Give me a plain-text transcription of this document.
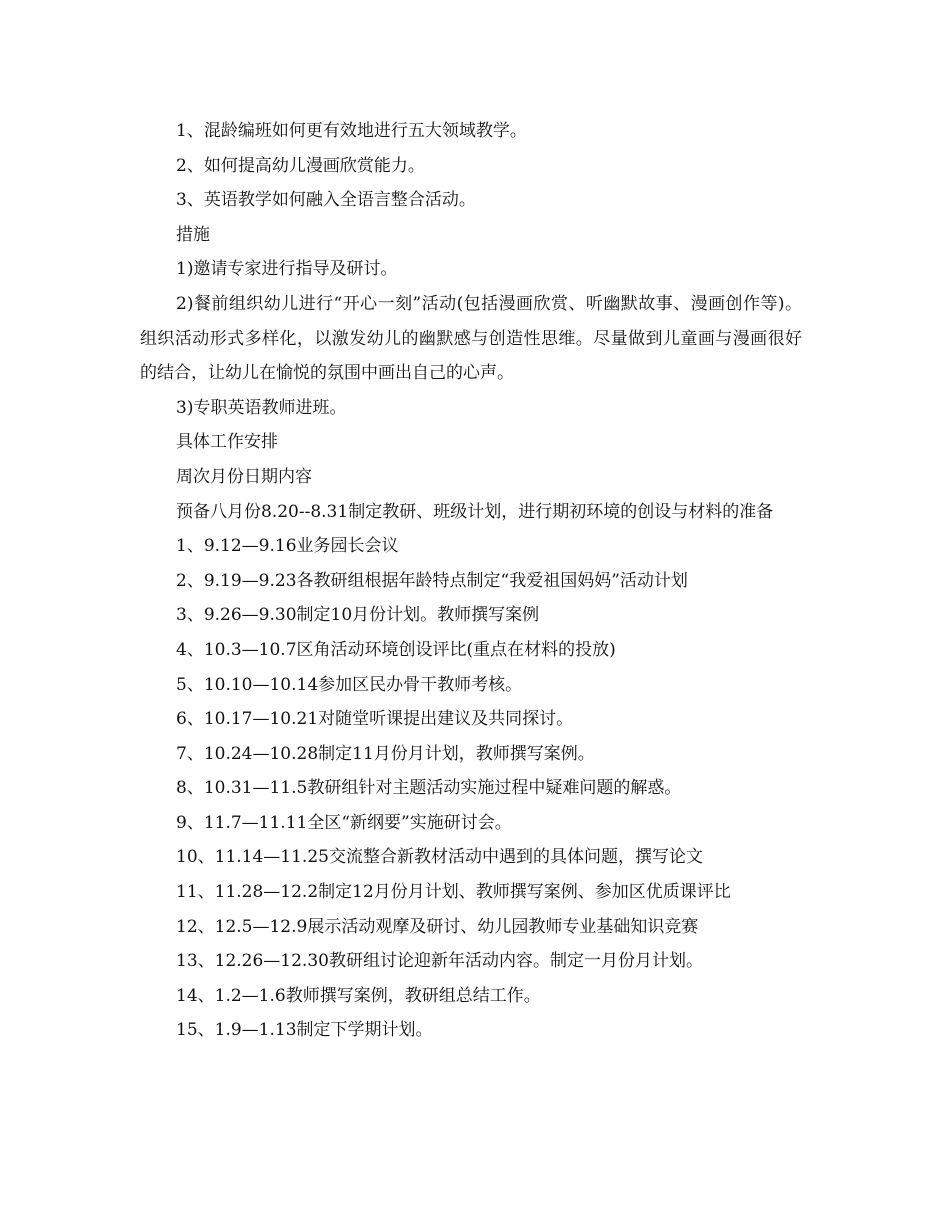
1、混龄编班如何更有效地进行五大领域教学。

2、如何提高幼儿漫画欣赏能力。

3、英语教学如何融入全语言整合活动。

措施

1)邀请专家进行指导及研讨。

2)餐前组织幼儿进行“开心一刻”活动(包括漫画欣赏、听幽默故事、漫画创作等)。组织活动形式多样化，以激发幼儿的幽默感与创造性思维。尽量做到儿童画与漫画很好的结合，让幼儿在愉悦的氛围中画出自己的心声。

3)专职英语教师进班。

具体工作安排

周次月份日期内容

预备八月份8.20--8.31制定教研、班级计划，进行期初环境的创设与材料的准备

1、9.12—9.16业务园长会议

2、9.19—9.23各教研组根据年龄特点制定“我爱祖国妈妈”活动计划

3、9.26—9.30制定10月份计划。教师撰写案例

4、10.3—10.7区角活动环境创设评比(重点在材料的投放)

5、10.10—10.14参加区民办骨干教师考核。

6、10.17—10.21对随堂听课提出建议及共同探讨。

7、10.24—10.28制定11月份月计划，教师撰写案例。

8、10.31—11.5教研组针对主题活动实施过程中疑难问题的解惑。

9、11.7—11.11全区“新纲要”实施研讨会。

10、11.14—11.25交流整合新教材活动中遇到的具体问题，撰写论文

11、11.28—12.2制定12月份月计划、教师撰写案例、参加区优质课评比

12、12.5—12.9展示活动观摩及研讨、幼儿园教师专业基础知识竞赛

13、12.26—12.30教研组讨论迎新年活动内容。制定一月份月计划。

14、1.2—1.6教师撰写案例，教研组总结工作。

15、1.9—1.13制定下学期计划。
